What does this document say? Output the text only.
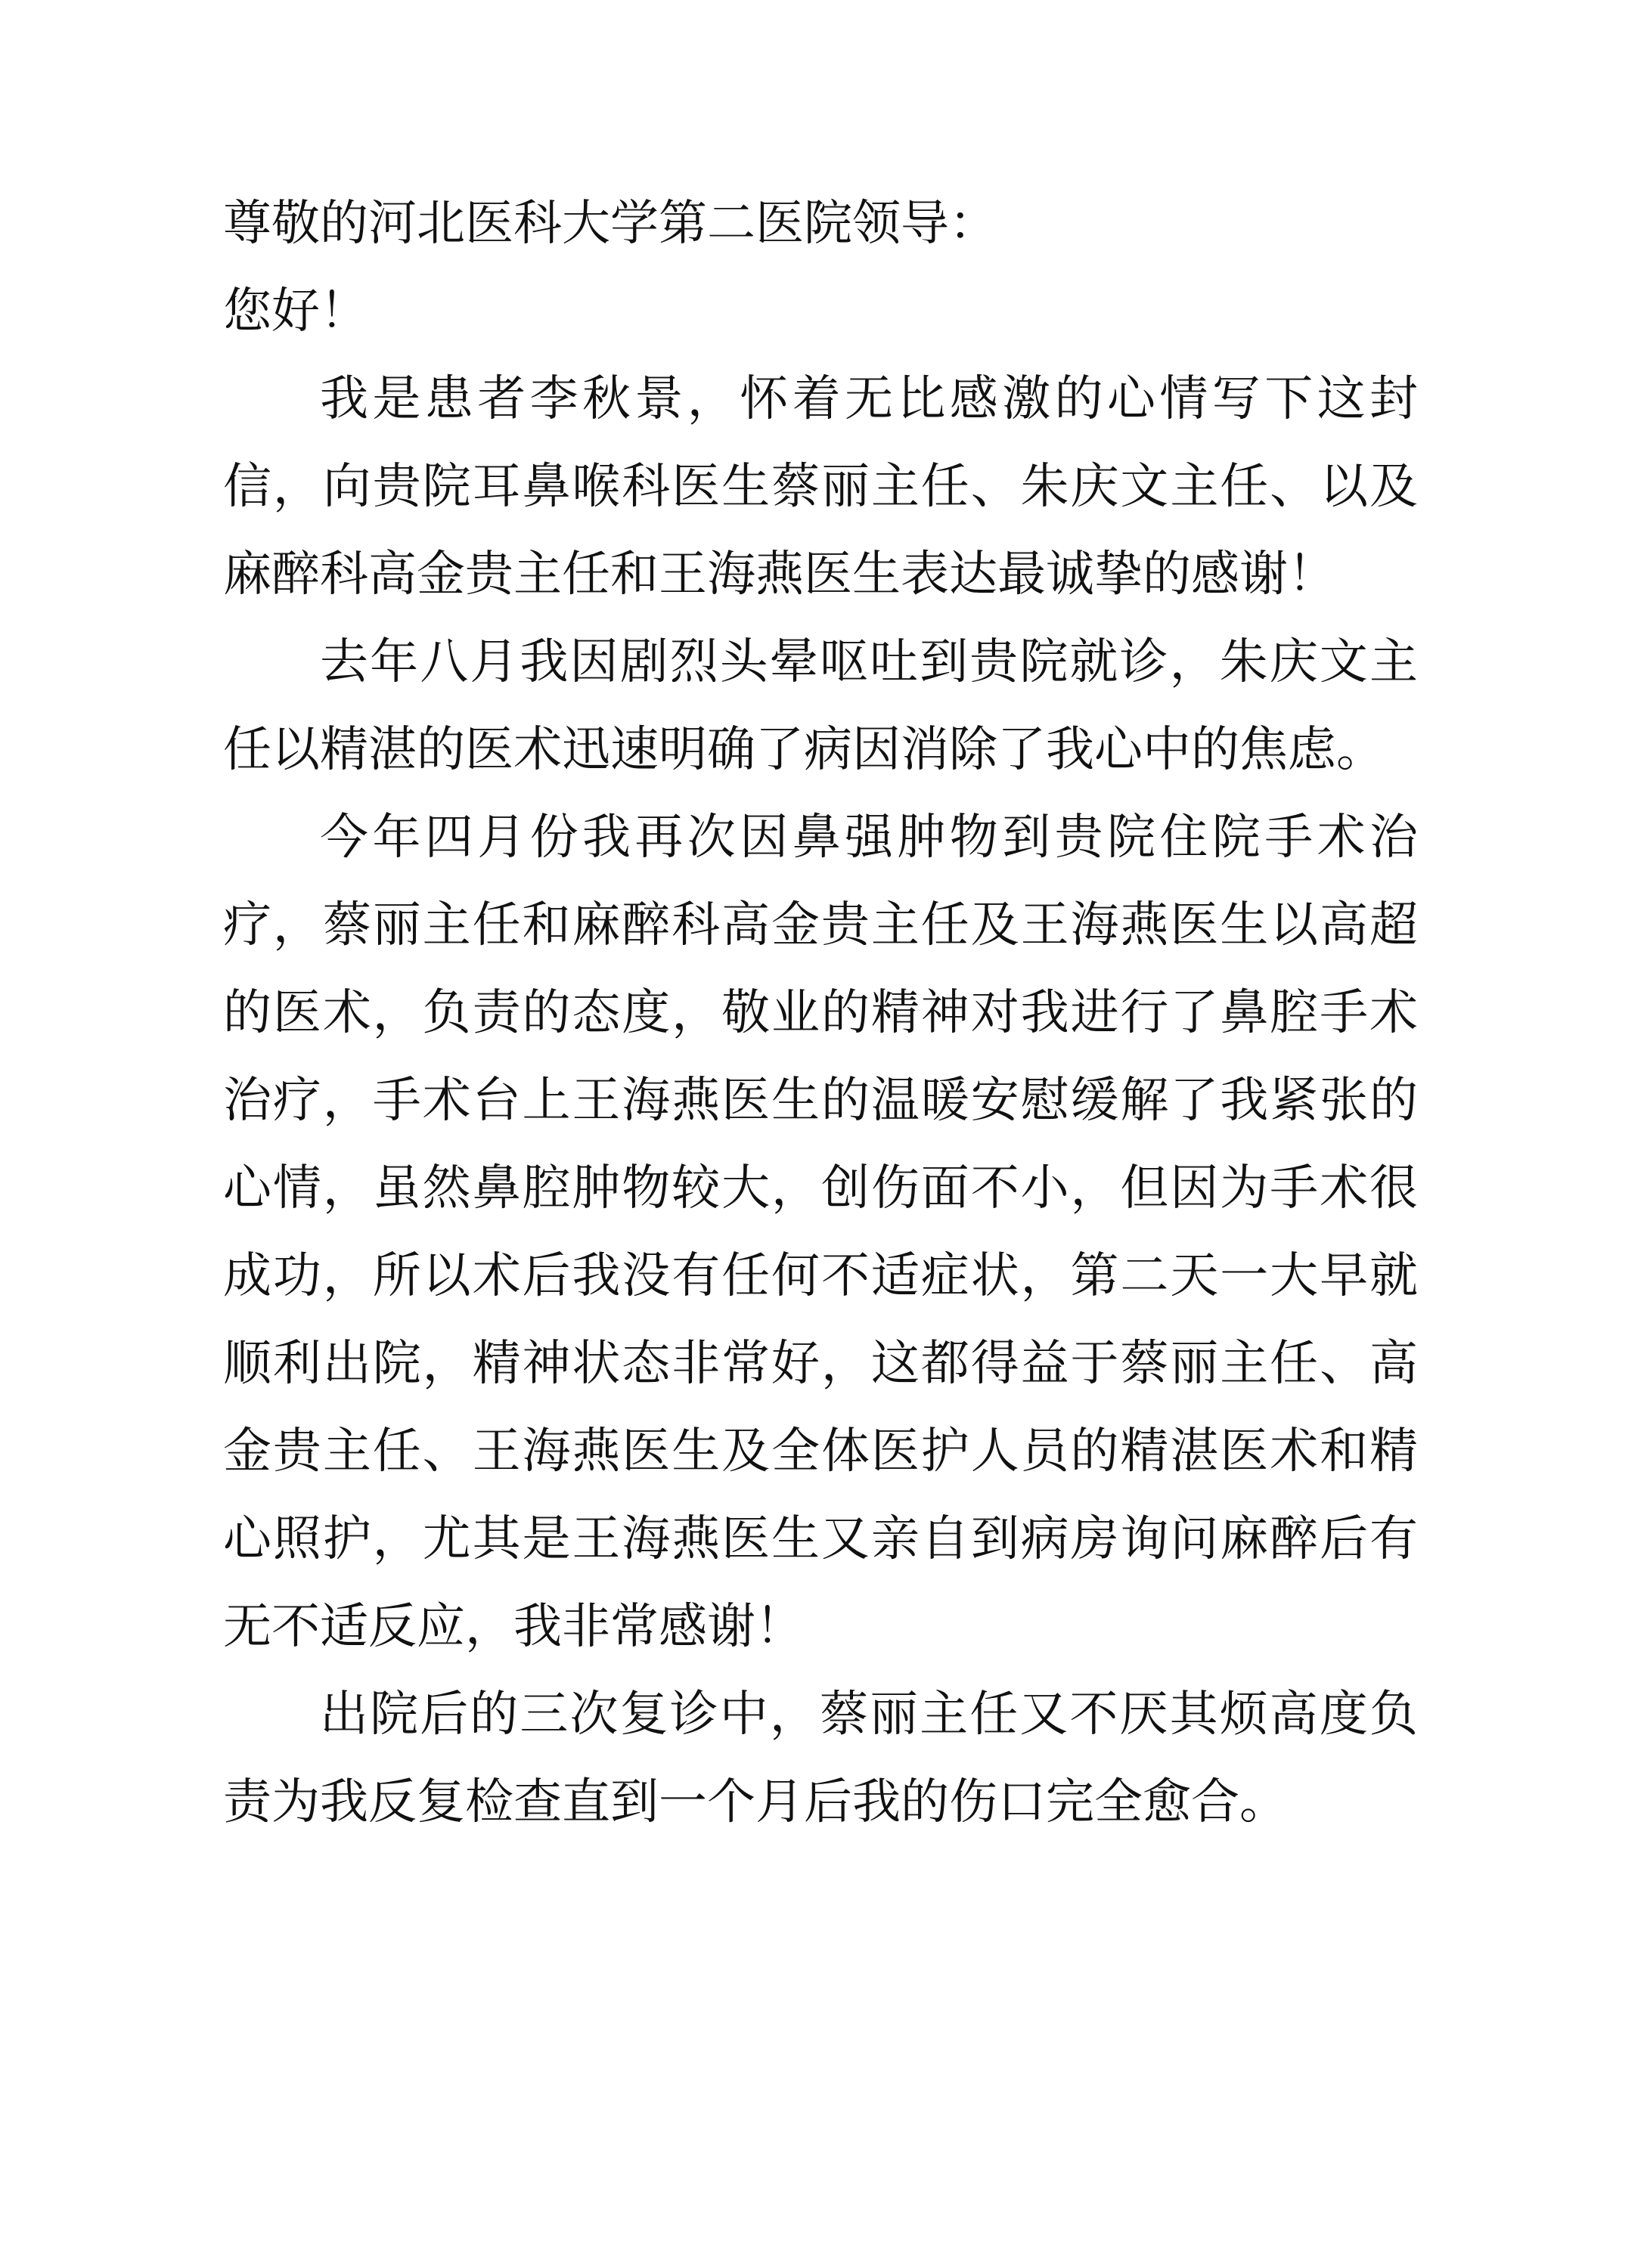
尊敬的河北医科大学第二医院领导：

您好！

我是患者李秋景，怀着无比感激的心情写下这封信，向贵院耳鼻喉科医生蔡丽主任、朱庆文主任、以及麻醉科高金贵主任和王海燕医生表达最诚挚的感谢！

去年八月我因剧烈头晕呕吐到贵院就诊，朱庆文主任以精湛的医术迅速明确了病因消除了我心中的焦虑。

今年四月份我再次因鼻强肿物到贵院住院手术治疗，蔡丽主任和麻醉科高金贵主任及王海燕医生以高超的医术，负责的态度，敬业的精神对我进行了鼻腔手术治疗，手术台上王海燕医生的温暖安慰缓解了我紧张的心情，虽然鼻腔肿物较大，创伤面不小，但因为手术很成功，所以术后我没有任何不适症状，第二天一大早就顺利出院，精神状态非常好，这都得益于蔡丽主任、高金贵主任、王海燕医生及全体医护人员的精湛医术和精心照护，尤其是王海燕医生又亲自到病房询问麻醉后有无不适反应，我非常感谢！

出院后的三次复诊中，蔡丽主任又不厌其烦高度负责为我反复检查直到一个月后我的伤口完全愈合。
